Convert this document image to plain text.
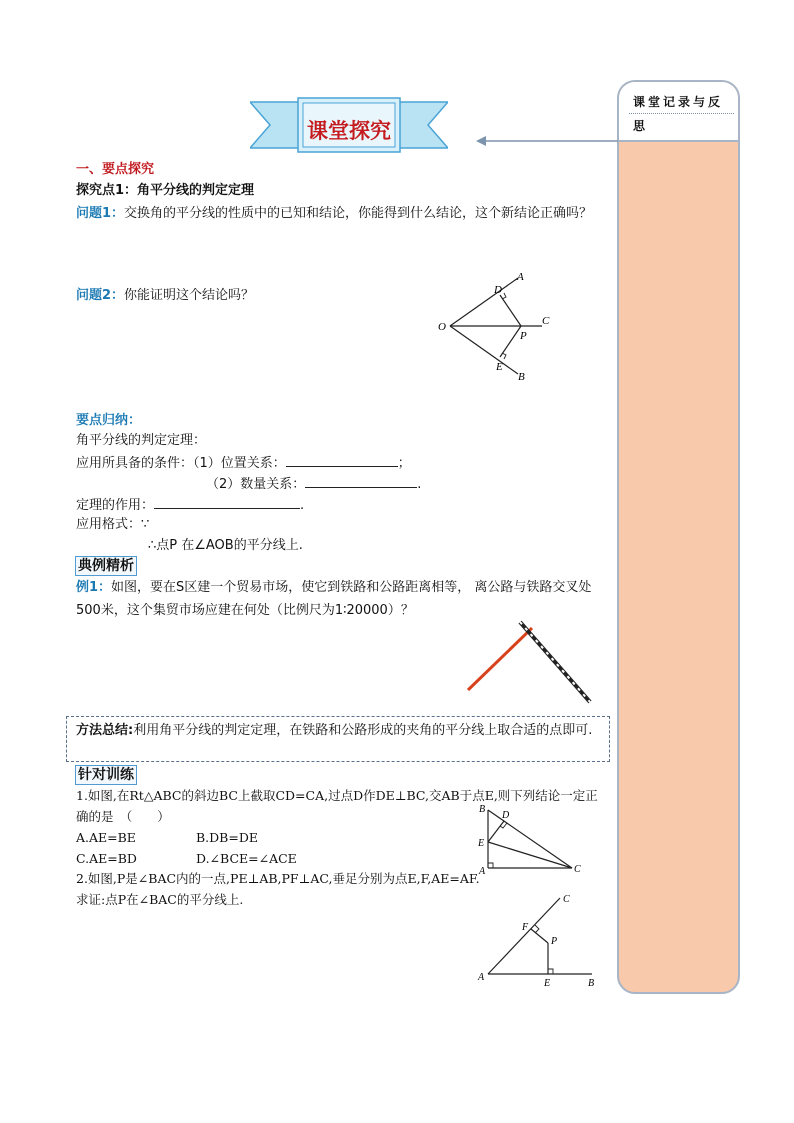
课堂记录与反思
课堂探究
一、要点探究
探究点1：角平分线的判定定理
问题1：交换角的平分线的性质中的已知和结论，你能得到什么结论，这个新结论正确吗？
问题2：你能证明这个结论吗？
A
D
O	C
P
E
B
要点归纳：
角平分线的判定定理：
应用所具备的条件：（1）位置关系：	；
（2）数量关系：	.
定理的作用：	.
应用格式：∵
∴点P 在∠AOB的平分线上.
典例精析
例1：如图，要在S区建一个贸易市场，使它到铁路和公路距离相等， 离公路与铁路交叉处500米，这个集贸市场应建在何处（比例尺为1∶20000）？
方法总结:利用角平分线的判定定理，在铁路和公路形成的夹角的平分线上取合适的点即可.
针对训练
1.如图,在Rt△ABC的斜边BC上截取CD=CA,过点D作DE⊥BC,交AB于点E,则下列结论一定正确的是　（　　）
A.AE=BE	B.DB=DE
C.AE=BD	D.∠BCE=∠ACE
2.如图,P是∠BAC内的一点,PE⊥AB,PF⊥AC,垂足分别为点E,F,AE=AF.
求证:点P在∠BAC的平分线上.
B
D
E
A	C
C
F
P
A
E	B
